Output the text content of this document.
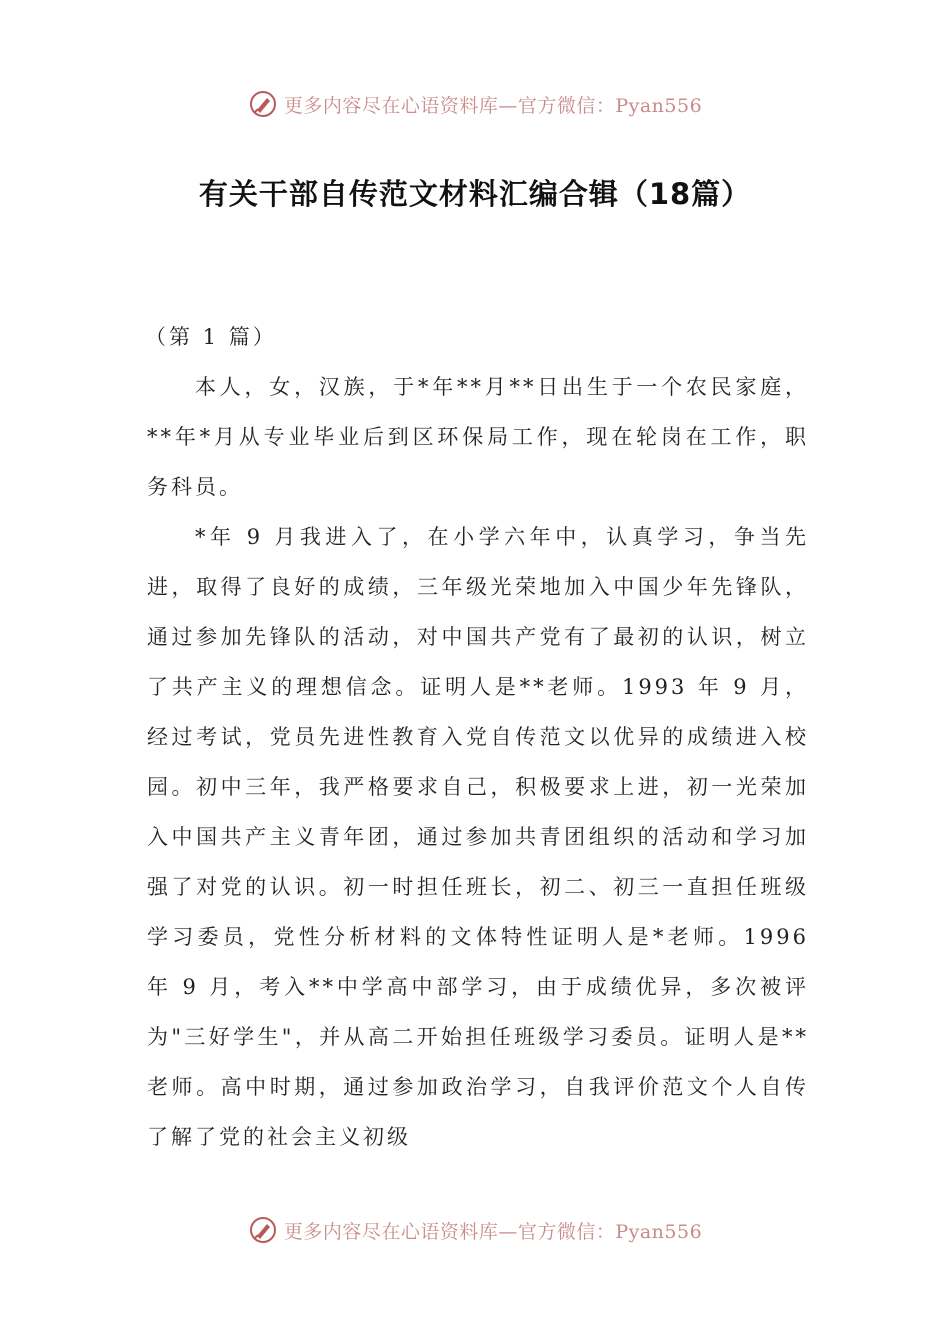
更多内容尽在心语资料库—官方微信：Pyan556
有关干部自传范文材料汇编合辑（18篇）

（第 1 篇）

本人，女，汉族，于*年**月**日出生于一个农民家庭，**年*月从专业毕业后到区环保局工作，现在轮岗在工作，职务科员。

*年 9 月我进入了，在小学六年中，认真学习，争当先进，取得了良好的成绩，三年级光荣地加入中国少年先锋队，通过参加先锋队的活动，对中国共产党有了最初的认识，树立了共产主义的理想信念。证明人是**老师。1993 年 9 月，经过考试，党员先进性教育入党自传范文以优异的成绩进入校园。初中三年，我严格要求自己，积极要求上进，初一光荣加入中国共产主义青年团，通过参加共青团组织的活动和学习加强了对党的认识。初一时担任班长，初二、初三一直担任班级学习委员，党性分析材料的文体特性证明人是*老师。1996 年 9 月，考入**中学高中部学习，由于成绩优异，多次被评为"三好学生"，并从高二开始担任班级学习委员。证明人是**老师。高中时期，通过参加政治学习，自我评价范文个人自传了解了党的社会主义初级

更多内容尽在心语资料库—官方微信：Pyan556
